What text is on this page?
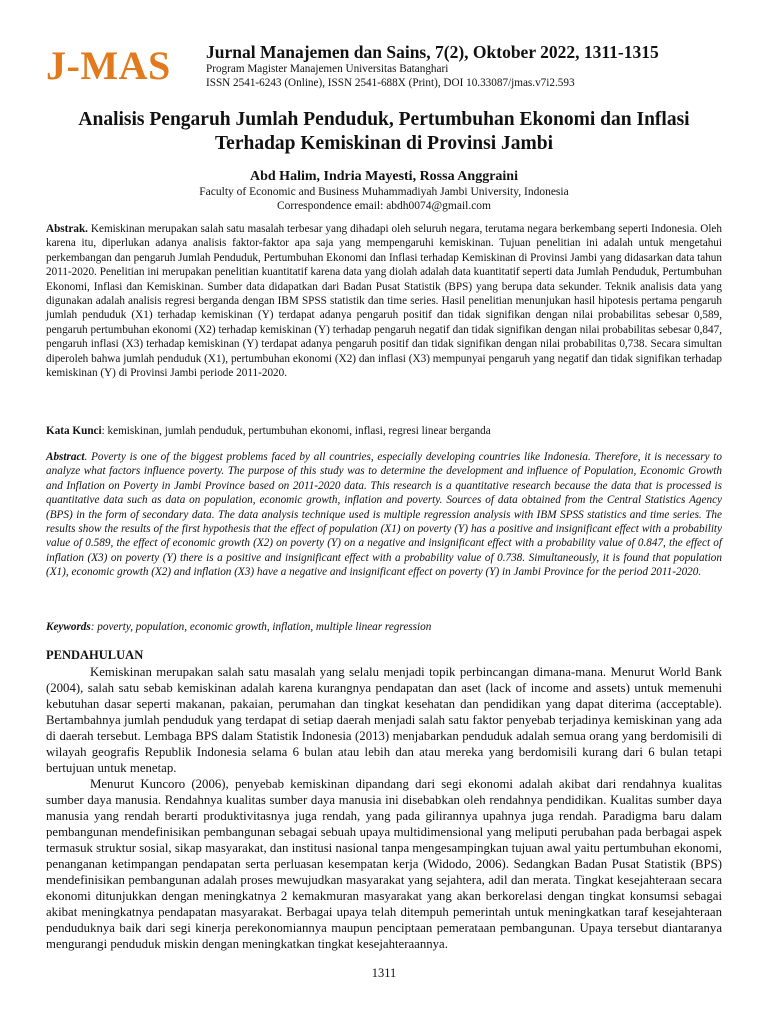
J-MAS Jurnal Manajemen dan Sains, 7(2), Oktober 2022, 1311-1315
Program Magister Manajemen Universitas Batanghari
ISSN 2541-6243 (Online), ISSN 2541-688X (Print), DOI 10.33087/jmas.v7i2.593
Analisis Pengaruh Jumlah Penduduk, Pertumbuhan Ekonomi dan Inflasi
Terhadap Kemiskinan di Provinsi Jambi
Abd Halim, Indria Mayesti, Rossa Anggraini
Faculty of Economic and Business Muhammadiyah Jambi University, Indonesia
Correspondence email: abdh0074@gmail.com
Abstrak. Kemiskinan merupakan salah satu masalah terbesar yang dihadapi oleh seluruh negara, terutama negara berkembang seperti Indonesia. Oleh karena itu, diperlukan adanya analisis faktor-faktor apa saja yang mempengaruhi kemiskinan. Tujuan penelitian ini adalah untuk mengetahui perkembangan dan pengaruh Jumlah Penduduk, Pertumbuhan Ekonomi dan Inflasi terhadap Kemiskinan di Provinsi Jambi yang didasarkan data tahun 2011-2020. Penelitian ini merupakan penelitian kuantitatif karena data yang diolah adalah data kuantitatif seperti data Jumlah Penduduk, Pertumbuhan Ekonomi, Inflasi dan Kemiskinan. Sumber data didapatkan dari Badan Pusat Statistik (BPS) yang berupa data sekunder. Teknik analisis data yang digunakan adalah analisis regresi berganda dengan IBM SPSS statistik dan time series. Hasil penelitian menunjukan hasil hipotesis pertama pengaruh jumlah penduduk (X1) terhadap kemiskinan (Y) terdapat adanya pengaruh positif dan tidak signifikan dengan nilai probabilitas sebesar 0,589, pengaruh pertumbuhan ekonomi (X2) terhadap kemiskinan (Y) terhadap pengaruh negatif dan tidak signifikan dengan nilai probabilitas sebesar 0,847, pengaruh inflasi (X3) terhadap kemiskinan (Y) terdapat adanya pengaruh positif dan tidak signifikan dengan nilai probabilitas 0,738. Secara simultan diperoleh bahwa jumlah penduduk (X1), pertumbuhan ekonomi (X2) dan inflasi (X3) mempunyai pengaruh yang negatif dan tidak signifikan terhadap kemiskinan (Y) di Provinsi Jambi periode 2011-2020.
Kata Kunci: kemiskinan, jumlah penduduk, pertumbuhan ekonomi, inflasi, regresi linear berganda
Abstract. Poverty is one of the biggest problems faced by all countries, especially developing countries like Indonesia. Therefore, it is necessary to analyze what factors influence poverty. The purpose of this study was to determine the development and influence of Population, Economic Growth and Inflation on Poverty in Jambi Province based on 2011-2020 data. This research is a quantitative research because the data that is processed is quantitative data such as data on population, economic growth, inflation and poverty. Sources of data obtained from the Central Statistics Agency (BPS) in the form of secondary data. The data analysis technique used is multiple regression analysis with IBM SPSS statistics and time series. The results show the results of the first hypothesis that the effect of population (X1) on poverty (Y) has a positive and insignificant effect with a probability value of 0.589, the effect of economic growth (X2) on poverty (Y) on a negative and insignificant effect with a probability value of 0.847, the effect of inflation (X3) on poverty (Y) there is a positive and insignificant effect with a probability value of 0.738. Simultaneously, it is found that population (X1), economic growth (X2) and inflation (X3) have a negative and insignificant effect on poverty (Y) in Jambi Province for the period 2011-2020.
Keywords: poverty, population, economic growth, inflation, multiple linear regression
PENDAHULUAN

Kemiskinan merupakan salah satu masalah yang selalu menjadi topik perbincangan dimana-mana. Menurut World Bank (2004), salah satu sebab kemiskinan adalah karena kurangnya pendapatan dan aset (lack of income and assets) untuk memenuhi kebutuhan dasar seperti makanan, pakaian, perumahan dan tingkat kesehatan dan pendidikan yang dapat diterima (acceptable). Bertambahnya jumlah penduduk yang terdapat di setiap daerah menjadi salah satu faktor penyebab terjadinya kemiskinan yang ada di daerah tersebut. Lembaga BPS dalam Statistik Indonesia (2013) menjabarkan penduduk adalah semua orang yang berdomisili di wilayah geografis Republik Indonesia selama 6 bulan atau lebih dan atau mereka yang berdomisili kurang dari 6 bulan tetapi bertujuan untuk menetap.

Menurut Kuncoro (2006), penyebab kemiskinan dipandang dari segi ekonomi adalah akibat dari rendahnya kualitas sumber daya manusia. Rendahnya kualitas sumber daya manusia ini disebabkan oleh rendahnya pendidikan. Kualitas sumber daya manusia yang rendah berarti produktivitasnya juga rendah, yang pada gilirannya upahnya juga rendah. Paradigma baru dalam pembangunan mendefinisikan pembangunan sebagai sebuah upaya multidimensional yang meliputi perubahan pada berbagai aspek termasuk struktur sosial, sikap masyarakat, dan institusi nasional tanpa mengesampingkan tujuan awal yaitu pertumbuhan ekonomi, penanganan ketimpangan pendapatan serta perluasan kesempatan kerja (Widodo, 2006). Sedangkan Badan Pusat Statistik (BPS) mendefinisikan pembangunan adalah proses mewujudkan masyarakat yang sejahtera, adil dan merata. Tingkat kesejahteraan secara ekonomi ditunjukkan dengan meningkatnya 2 kemakmuran masyarakat yang akan berkorelasi dengan tingkat konsumsi sebagai akibat meningkatnya pendapatan masyarakat. Berbagai upaya telah ditempuh pemerintah untuk meningkatkan taraf kesejahteraan penduduknya baik dari segi kinerja perekonomiannya maupun penciptaan pemerataan pembangunan. Upaya tersebut diantaranya mengurangi penduduk miskin dengan meningkatkan tingkat kesejahteraannya.

1311
